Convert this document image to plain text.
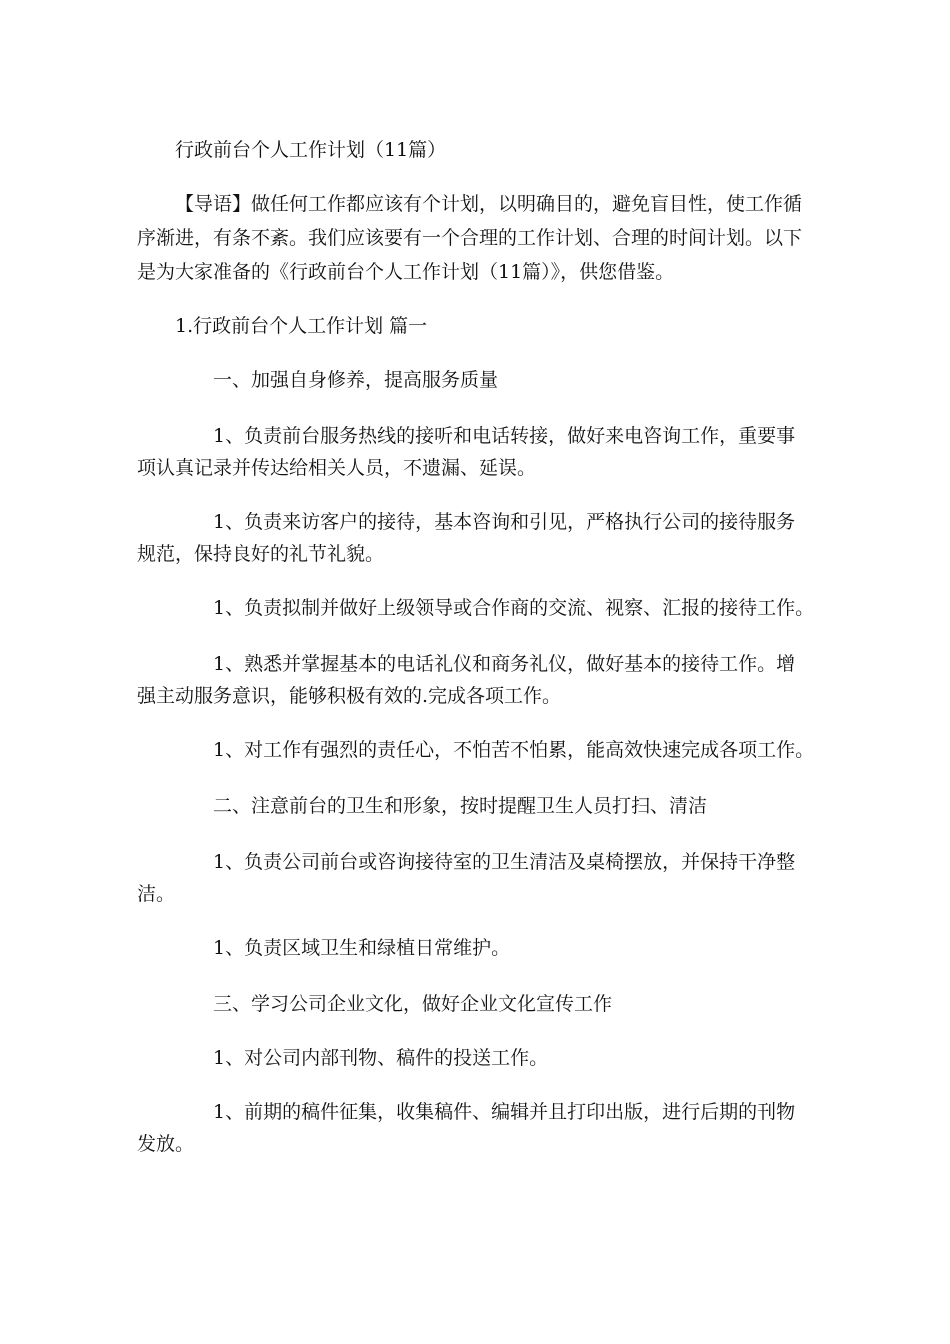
行政前台个人工作计划（11篇）
【导语】做任何工作都应该有个计划，以明确目的，避免盲目性，使工作循
序渐进，有条不紊。我们应该要有一个合理的工作计划、合理的时间计划。以下
是为大家准备的《行政前台个人工作计划（11篇）》，供您借鉴。
1.行政前台个人工作计划 篇一
一、加强自身修养，提高服务质量
1、负责前台服务热线的接听和电话转接，做好来电咨询工作，重要事
项认真记录并传达给相关人员，不遗漏、延误。
1、负责来访客户的接待，基本咨询和引见，严格执行公司的接待服务
规范，保持良好的礼节礼貌。
1、负责拟制并做好上级领导或合作商的交流、视察、汇报的接待工作。
1、熟悉并掌握基本的电话礼仪和商务礼仪，做好基本的接待工作。增
强主动服务意识，能够积极有效的.完成各项工作。
1、对工作有强烈的责任心，不怕苦不怕累，能高效快速完成各项工作。
二、注意前台的卫生和形象，按时提醒卫生人员打扫、清洁
1、负责公司前台或咨询接待室的卫生清洁及桌椅摆放，并保持干净整
洁。
1、负责区域卫生和绿植日常维护。
三、学习公司企业文化，做好企业文化宣传工作
1、对公司内部刊物、稿件的投送工作。
1、前期的稿件征集，收集稿件、编辑并且打印出版，进行后期的刊物
发放。
